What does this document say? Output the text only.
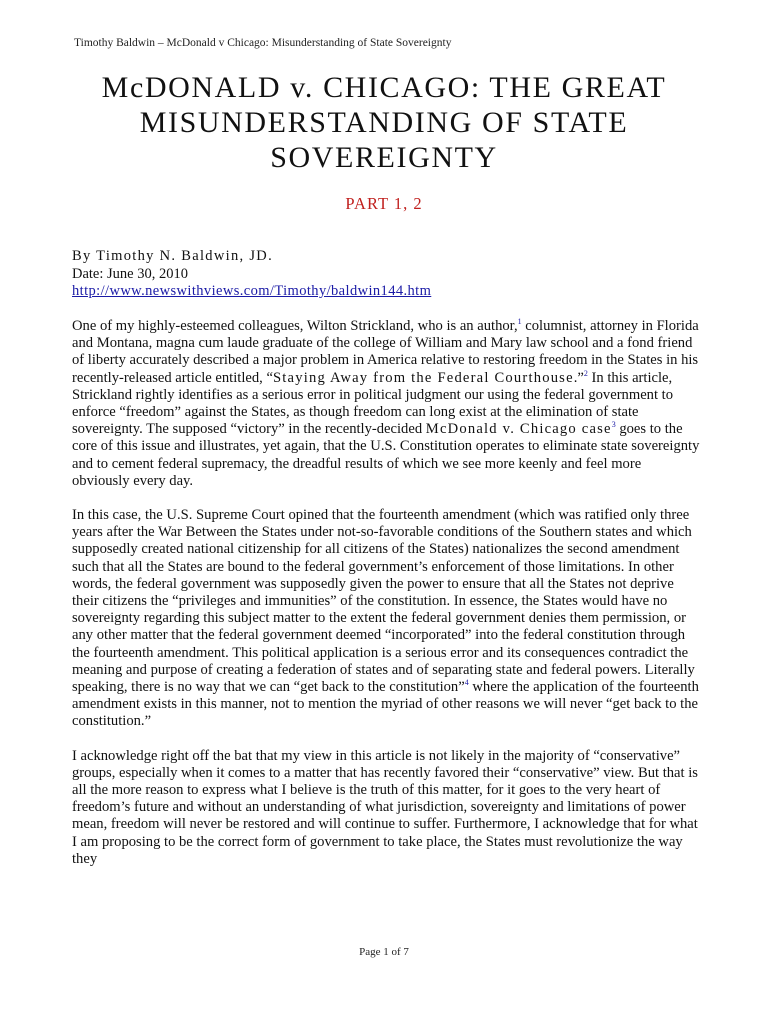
Timothy Baldwin – McDonald v Chicago: Misunderstanding of State Sovereignty
McDONALD v. CHICAGO: THE GREAT
MISUNDERSTANDING OF STATE
SOVEREIGNTY
PART 1, 2
By Timothy N. Baldwin, JD.
Date: June 30, 2010
http://www.newswithviews.com/Timothy/baldwin144.htm

One of my highly-esteemed colleagues, Wilton Strickland, who is an author,$^1$ columnist, attorney in Florida and Montana, magna cum laude graduate of the college of William and Mary law school and a fond friend of liberty accurately described a major problem in America relative to restoring freedom in the States in his recently-released article entitled, “Staying Away from the Federal Courthouse.”$^2$ In this article, Strickland rightly identifies as a serious error in political judgment our using the federal government to enforce “freedom” against the States, as though freedom can long exist at the elimination of state sovereignty. The supposed “victory” in the recently-decided McDonald v. Chicago case$^3$ goes to the core of this issue and illustrates, yet again, that the U.S. Constitution operates to eliminate state sovereignty and to cement federal supremacy, the dreadful results of which we see more keenly and feel more obviously every day.

In this case, the U.S. Supreme Court opined that the fourteenth amendment (which was ratified only three years after the War Between the States under not-so-favorable conditions of the Southern states and which supposedly created national citizenship for all citizens of the States) nationalizes the second amendment such that all the States are bound to the federal government’s enforcement of those limitations. In other words, the federal government was supposedly given the power to ensure that all the States not deprive their citizens the “privileges and immunities” of the constitution. In essence, the States would have no sovereignty regarding this subject matter to the extent the federal government denies them permission, or any other matter that the federal government deemed “incorporated” into the federal constitution through the fourteenth amendment. This political application is a serious error and its consequences contradict the meaning and purpose of creating a federation of states and of separating state and federal powers. Literally speaking, there is no way that we can “get back to the constitution”$^4$ where the application of the fourteenth amendment exists in this manner, not to mention the myriad of other reasons we will never “get back to the constitution.”

I acknowledge right off the bat that my view in this article is not likely in the majority of “conservative” groups, especially when it comes to a matter that has recently favored their “conservative” view. But that is all the more reason to express what I believe is the truth of this matter, for it goes to the very heart of freedom’s future and without an understanding of what jurisdiction, sovereignty and limitations of power mean, freedom will never be restored and will continue to suffer. Furthermore, I acknowledge that for what I am proposing to be the correct form of government to take place, the States must revolutionize the way they

Page 1 of 7
